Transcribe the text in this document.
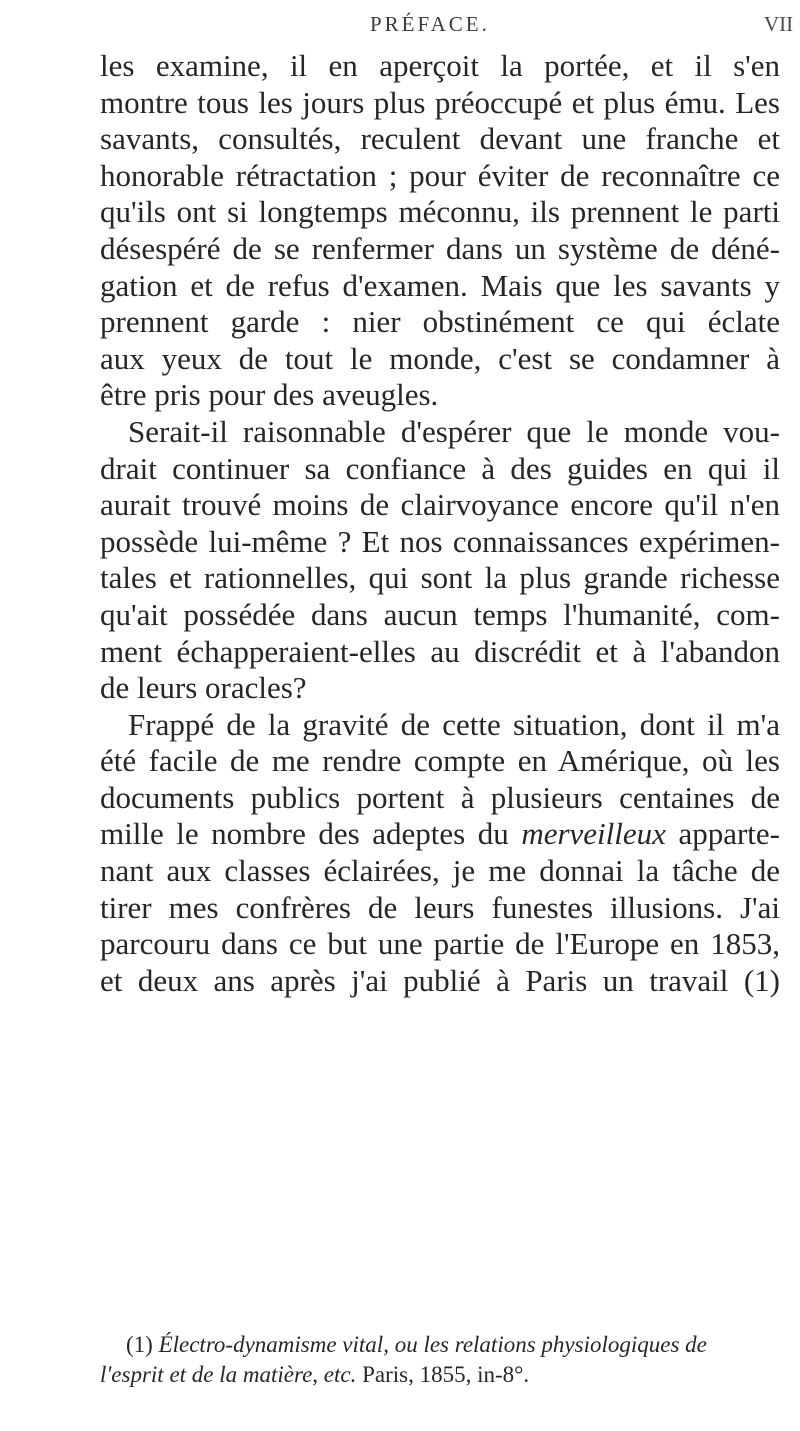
PRÉFACE.	VII
les examine, il en aperçoit la portée, et il s'en
montre tous les jours plus préoccupé et plus ému. Les
savants, consultés, reculent devant une franche et
honorable rétractation ; pour éviter de reconnaître ce
qu'ils ont si longtemps méconnu, ils prennent le parti
désespéré de se renfermer dans un système de déné-
gation et de refus d'examen. Mais que les savants y
prennent garde : nier obstinément ce qui éclate
aux yeux de tout le monde, c'est se condamner à
être pris pour des aveugles.
Serait-il raisonnable d'espérer que le monde vou-
drait continuer sa confiance à des guides en qui il
aurait trouvé moins de clairvoyance encore qu'il n'en
possède lui-même ? Et nos connaissances expérimen-
tales et rationnelles, qui sont la plus grande richesse
qu'ait possédée dans aucun temps l'humanité, com-
ment échapperaient-elles au discrédit et à l'abandon
de leurs oracles?
Frappé de la gravité de cette situation, dont il m'a
été facile de me rendre compte en Amérique, où les
documents publics portent à plusieurs centaines de
mille le nombre des adeptes du merveilleux apparte-
nant aux classes éclairées, je me donnai la tâche de
tirer mes confrères de leurs funestes illusions. J'ai
parcouru dans ce but une partie de l'Europe en 1853,
et deux ans après j'ai publié à Paris un travail (1)
(1) Électro-dynamisme vital, ou les relations physiologiques de
l'esprit et de la matière, etc. Paris, 1855, in-8°.
